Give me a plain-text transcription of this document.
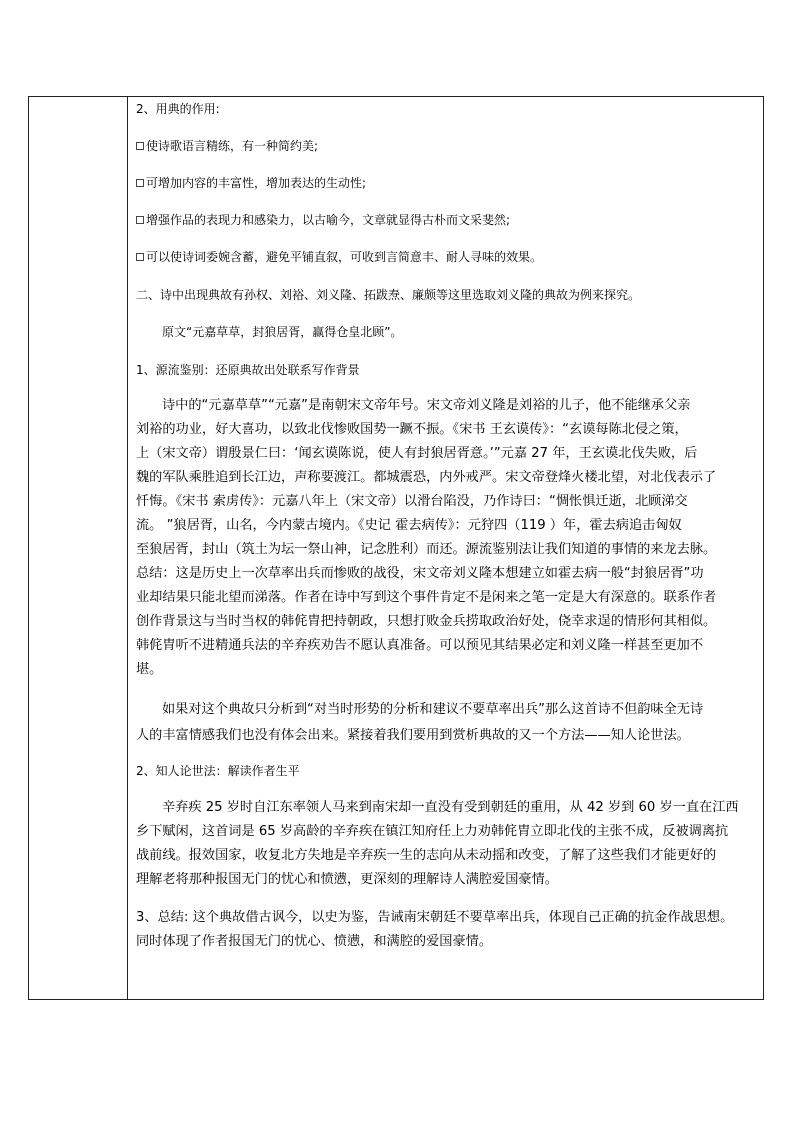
2、用典的作用:
使诗歌语言精练，有一种简约美;
可增加内容的丰富性，增加表达的生动性;
增强作品的表现力和感染力，以古喻今，文章就显得古朴而文采斐然;
可以使诗词委婉含蓄，避免平铺直叙，可收到言简意丰、耐人寻味的效果。
二、诗中出现典故有孙权、刘裕、刘义隆、拓跋焘、廉颇等这里选取刘义隆的典故为例来探究。
原文“元嘉草草，封狼居胥，赢得仓皇北顾”。
1、源流鉴别：还原典故出处联系写作背景
诗中的“元嘉草草”“元嘉”是南朝宋文帝年号。宋文帝刘义隆是刘裕的儿子，他不能继承父亲
刘裕的功业，好大喜功，以致北伐惨败国势一蹶不振。《宋书 王玄谟传》：“玄谟每陈北侵之策，
上（宋文帝）谓殷景仁曰：‘闻玄谟陈说，使人有封狼居胥意。’”元嘉 27 年，王玄谟北伐失败，后
魏的军队乘胜追到长江边，声称要渡江。都城震恐，内外戒严。宋文帝登烽火楼北望，对北伐表示了
忏悔。《宋书 索虏传》：元嘉八年上（宋文帝）以滑台陷没，乃作诗曰：“惆怅惧迁逝，北顾涕交
流。 ”狼居胥，山名，今内蒙古境内。《史记 霍去病传》：元狩四（119 ）年，霍去病追击匈奴
至狼居胥，封山（筑土为坛一祭山神，记念胜利）而还。源流鉴别法让我们知道的事情的来龙去脉。
总结：这是历史上一次草率出兵而惨败的战役，宋文帝刘义隆本想建立如霍去病一般“封狼居胥”功
业却结果只能北望而涕落。作者在诗中写到这个事件肯定不是闲来之笔一定是大有深意的。联系作者
创作背景这与当时当权的韩侂胄把持朝政，只想打败金兵捞取政治好处，侥幸求逞的情形何其相似。
韩侂胄听不进精通兵法的辛弃疾劝告不愿认真准备。可以预见其结果必定和刘义隆一样甚至更加不
堪。
如果对这个典故只分析到“对当时形势的分析和建议不要草率出兵”那么这首诗不但韵味全无诗
人的丰富情感我们也没有体会出来。紧接着我们要用到赏析典故的又一个方法——知人论世法。
2、知人论世法：解读作者生平
辛弃疾 25 岁时自江东率领人马来到南宋却一直没有受到朝廷的重用，从 42 岁到 60 岁一直在江西
乡下赋闲，这首词是 65 岁高龄的辛弃疾在镇江知府任上力劝韩侂胄立即北伐的主张不成，反被调离抗
战前线。报效国家，收复北方失地是辛弃疾一生的志向从未动摇和改变，了解了这些我们才能更好的
理解老将那种报国无门的忧心和愤懑，更深刻的理解诗人满腔爱国豪情。
3、总结: 这个典故借古讽今，以史为鉴，告诫南宋朝廷不要草率出兵，体现自己正确的抗金作战思想。
同时体现了作者报国无门的忧心、愤懑，和满腔的爱国豪情。
